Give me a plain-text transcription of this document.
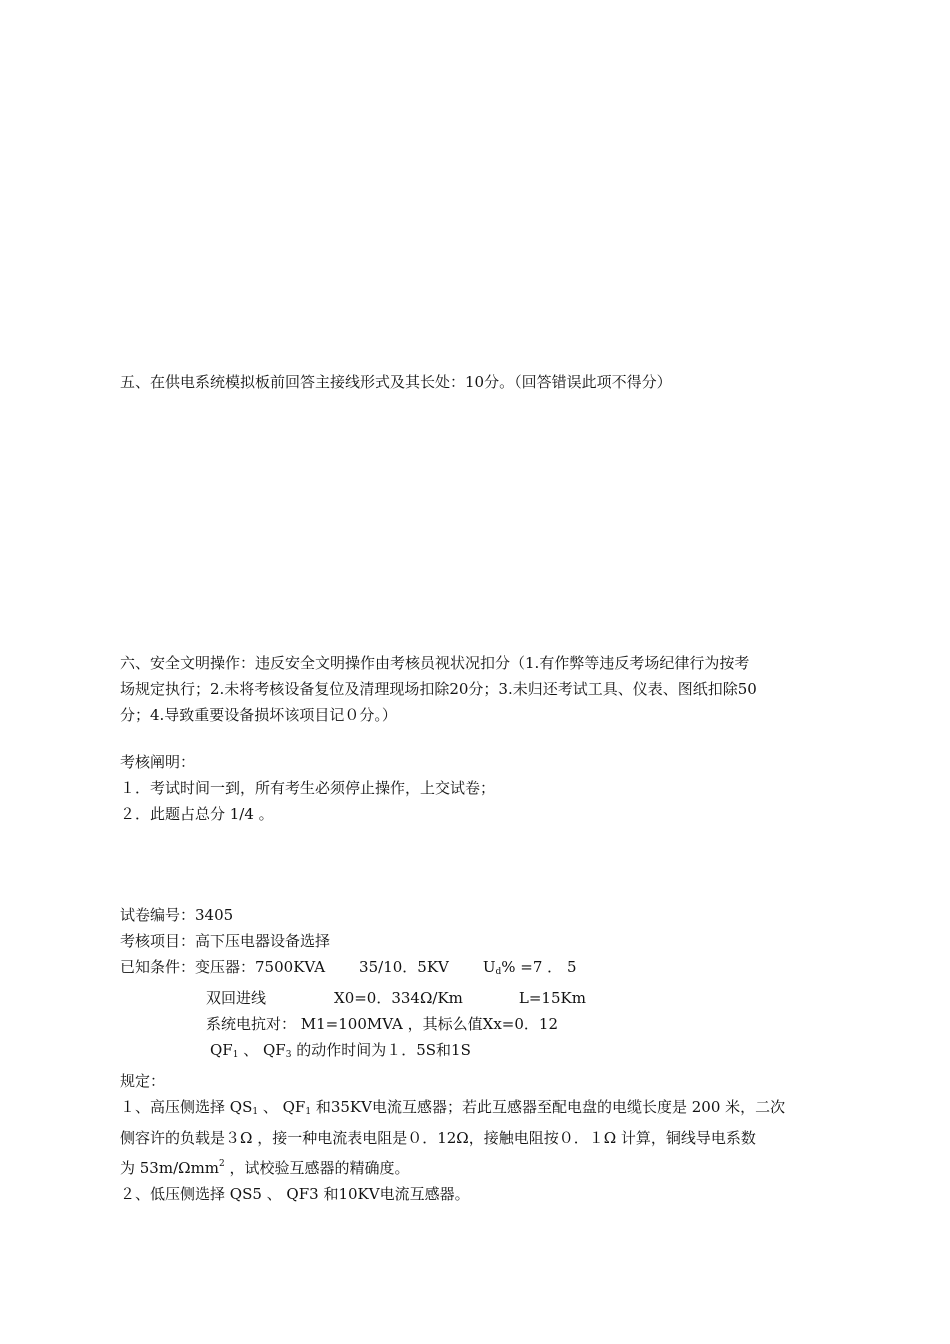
五、在供电系统模拟板前回答主接线形式及其长处：10分。（回答错误此项不得分）
六、安全文明操作：违反安全文明操作由考核员视状况扣分（1.有作弊等违反考场纪律行为按考
场规定执行；2.未将考核设备复位及清理现场扣除20分；3.未归还考试工具、仪表、图纸扣除50
分；4.导致重要设备损坏该项目记０分。）
考核阐明：
１．考试时间一到，所有考生必须停止操作，上交试卷；
２．此题占总分 1/4 。
试卷编号：3405
考核项目：高下压电器设备选择
已知条件：变压器：7500KVA 35/10．5KV $U_d\% =7$ ． 5
双回进线	X0=0．334Ω/Km	L=15Km
系统电抗对： M1=100MVA ，其标么值Xx=0．12
$QF_1$ 、 $QF_3$ 的动作时间为１．5S和1S
规定：
１、高压侧选择 $QS_1$ 、 $QF_1$ 和35KV电流互感器；若此互感器至配电盘的电缆长度是 200 米，二次
侧容许的负载是３Ω ，接一种电流表电阻是０．12Ω，接触电阻按０．１Ω 计算，铜线导电系数
为 53m/Ωmm$^2$ ，试校验互感器的精确度。
２、低压侧选择 QS5 、 QF3 和10KV电流互感器。
